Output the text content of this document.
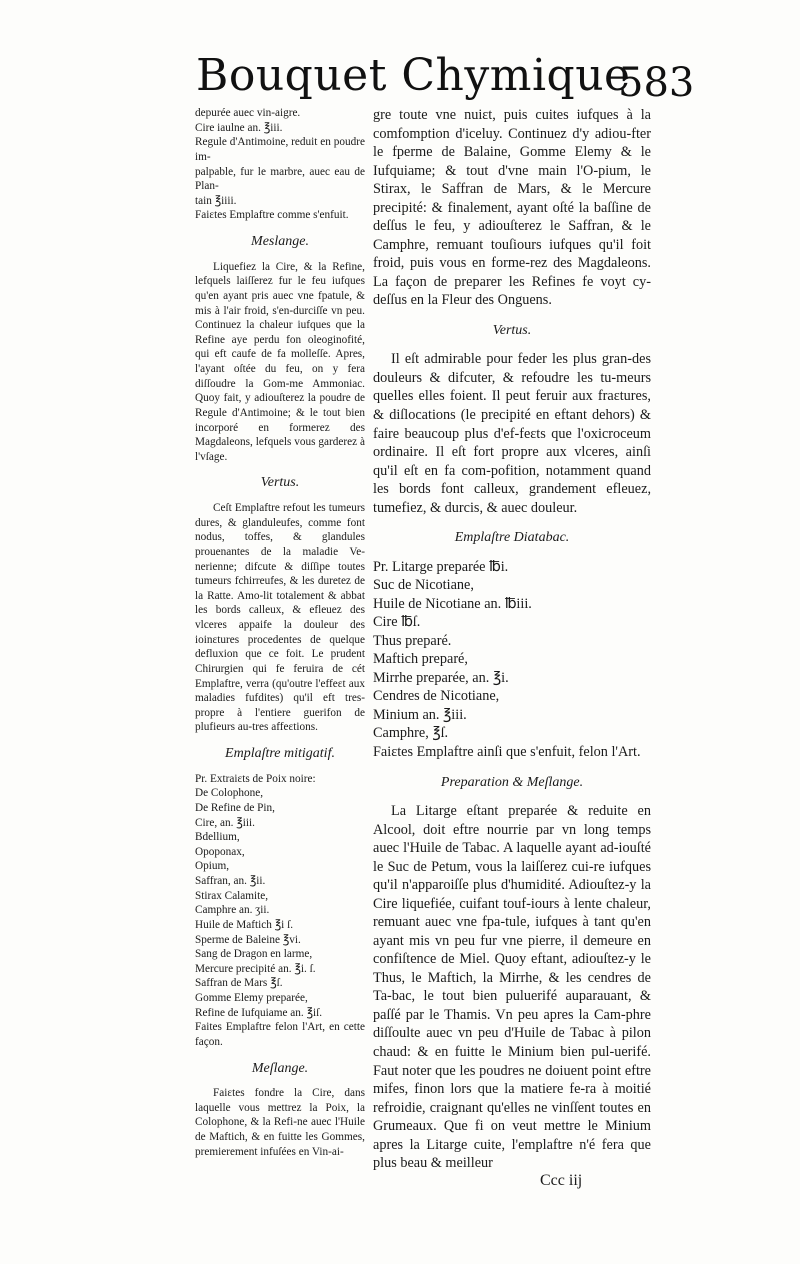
Bouquet Chymique
583

depurée auec vin-aigre.

Cire iaulne an. ℥iii.

Regule d'Antimoine, reduit en poudre im-

palpable, fur le marbre, auec eau de Plan-

tain ℥iiii.

Faiɛtes Emplaftre comme s'enfuit.

Meslange.

Liquefiez la Cire, & la Refine, lefquels laiſſerez fur le feu iufques qu'en ayant pris auec vne fpatule, & mis à l'air froid, s'en-durciſſe vn peu. Continuez la chaleur iufques que la Refine aye perdu fon oleoginofité, qui eft caufe de fa molleſſe. Apres, l'ayant oſtée du feu, on y fera diſſoudre la Gom-me Ammoniac. Quoy fait, y adiouſterez la poudre de Regule d'Antimoine; & le tout bien incorporé en formerez des Magdaleons, lefquels vous garderez à l'vſage.

Vertus.

Ceſt Emplaftre refout les tumeurs dures, & glanduleufes, comme font nodus, toffes, & glandules prouenantes de la maladie Ve-nerienne; difcute & diſſipe toutes tumeurs fchirreufes, & les duretez de la Ratte. Amo-lit totalement & abbat les bords calleux, & efleuez des vlceres appaife la douleur des ioinɛtures procedentes de quelque defluxion que ce foit. Le prudent Chirurgien qui fe feruira de cét Emplaftre, verra (qu'outre l'effeɛt aux maladies fufdites) qu'il eft tres-propre à l'entiere guerifon de plufieurs au-tres affeɛtions.

Emplaſtre mitigatif.

Pr. Extraiɛts de Poix noire:

De Colophone,

De Refine de Pin,

Cire, an. ℥iii.

Bdellium,

Opoponax,

Opium,

Saffran, an. ℥ii.

Stirax Calamite,

Camphre an. ʒii.

Huile de Maftich ℥i ſ.

Sperme de Baleine ℥vi.

Sang de Dragon en larme,

Mercure precipité an. ℥i. ſ.

Saffran de Mars ℥ſ.

Gomme Elemy preparée,

Refine de Iufquiame an. ℥iſ.

Faites Emplaftre felon l'Art, en cette façon.

Meſlange.

Faiɛtes fondre la Cire, dans laquelle vous mettrez la Poix, la Colophone, & la Refi-ne auec l'Huile de Maftich, & en fuitte les Gommes, premierement infuſées en Vin-ai-

gre toute vne nuiɛt, puis cuites iufques à la comfomption d'iceluy. Continuez d'y adiou-fter le fperme de Balaine, Gomme Elemy & le Iufquiame; & tout d'vne main l'O-pium, le Stirax, le Saffran de Mars, & le Mercure precipité: & finalement, ayant oſté la baſſine de deſſus le feu, y adiouſterez le Saffran, & le Camphre, remuant touſiours iufques qu'il foit froid, puis vous en forme-rez des Magdaleons. La façon de preparer les Refines fe voyt cy-deſſus en la Fleur des Onguens.

Vertus.

Il eſt admirable pour feder les plus gran-des douleurs & difcuter, & refoudre les tu-meurs quelles elles foient. Il peut feruir aux fraɛtures, & diſlocations (le precipité en eftant dehors) & faire beaucoup plus d'ef-feɛts que l'oxicroceum ordinaire. Il eſt fort propre aux vlceres, ainſi qu'il eſt en fa com-pofition, notamment quand les bords font calleux, grandement efleuez, tumefiez, & durcis, & auec douleur.

Emplaſtre Diatabac.

Pr. Litarge preparée ℔i.

Suc de Nicotiane,

Huile de Nicotiane an. ℔iii.

Cire ℔ſ.

Thus preparé.

Maftich preparé,

Mirrhe preparée, an. ℥i.

Cendres de Nicotiane,

Minium an. ℥iii.

Camphre, ℥ſ.

Faiɛtes Emplaftre ainſi que s'enfuit, felon l'Art.

Preparation & Meſlange.

La Litarge eſtant preparée & reduite en Alcool, doit eftre nourrie par vn long temps auec l'Huile de Tabac. A laquelle ayant ad-iouſté le Suc de Petum, vous la laiſſerez cui-re iufques qu'il n'apparoiſſe plus d'humidité. Adiouſtez-y la Cire liquefiée, cuifant touf-iours à lente chaleur, remuant auec vne fpa-tule, iufques à tant qu'en ayant mis vn peu fur vne pierre, il demeure en confiſtence de Miel. Quoy eftant, adiouſtez-y le Thus, le Maftich, la Mirrhe, & les cendres de Ta-bac, le tout bien puluerifé auparauant, & paſſé par le Thamis. Vn peu apres la Cam-phre diſſoulte auec vn peu d'Huile de Tabac à pilon chaud: & en fuitte le Minium bien pul-uerifé. Faut noter que les poudres ne doiuent point eftre mifes, finon lors que la matiere fe-ra à moitié refroidie, craignant qu'elles ne vinſſent toutes en Grumeaux. Que fi on veut mettre le Minium apres la Litarge cuite, l'emplaftre n'é fera que plus beau & meilleur

Ccc iij
